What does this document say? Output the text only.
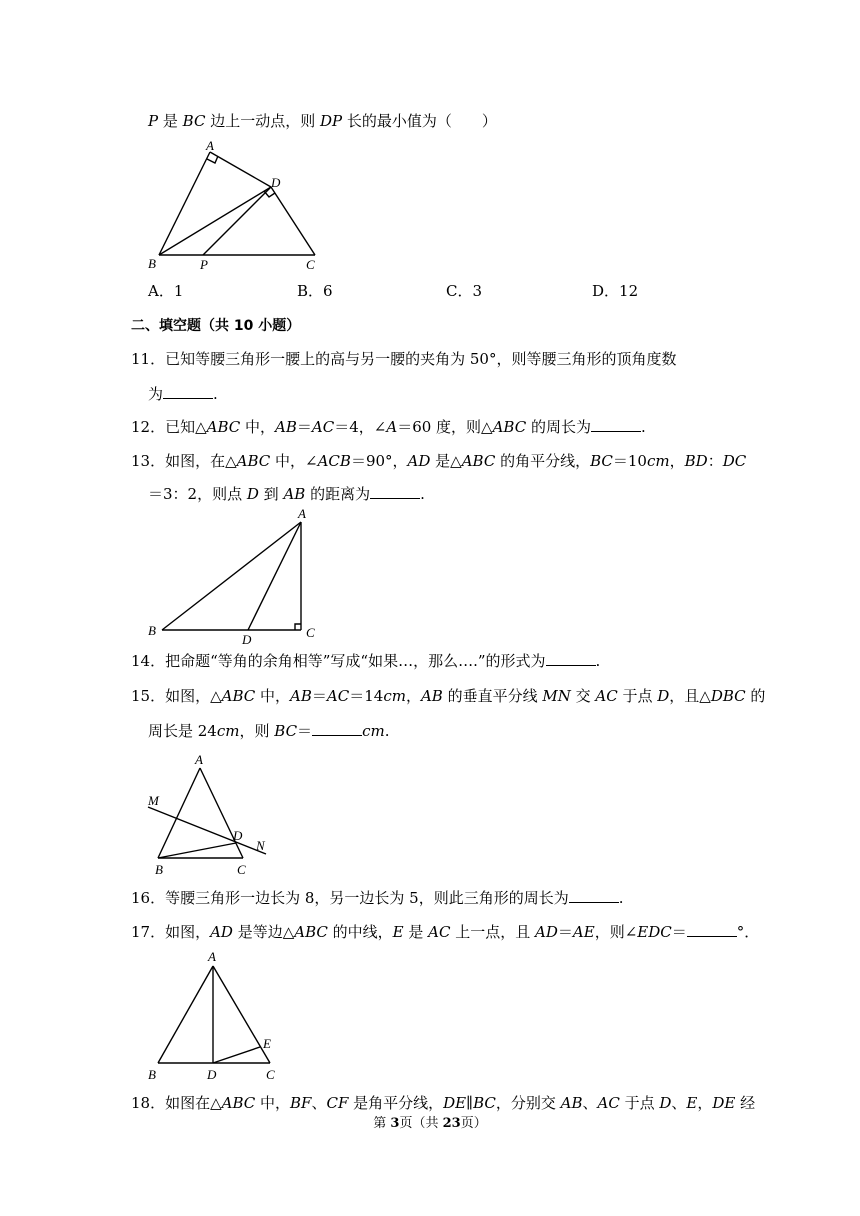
P 是 BC 边上一动点，则 DP 长的最小值为（　　）
A
D
B	P	C
A．1	B．6	C．3	D．12
二、填空题（共 10 小题）
11．已知等腰三角形一腰上的高与另一腰的夹角为 50°，则等腰三角形的顶角度数
为	.
12．已知△ABC 中，AB＝AC＝4，∠A＝60 度，则△ABC 的周长为	.
13．如图，在△ABC 中，∠ACB＝90°，AD 是△ABC 的角平分线，BC＝10cm，BD：DC
＝3：2，则点 D 到 AB 的距离为	.
A
B
D	C
14．把命题“等角的余角相等”写成“如果…，那么….”的形式为	.
15．如图，△ABC 中，AB＝AC＝14cm，AB 的垂直平分线 MN 交 AC 于点 D，且△DBC 的
周长是 24cm，则 BC＝	cm.
A
M
D
N
B	C
16．等腰三角形一边长为 8，另一边长为 5，则此三角形的周长为	.
17．如图，AD 是等边△ABC 的中线，E 是 AC 上一点，且 AD＝AE，则∠EDC＝	°．
A
E
B	D	C
18．如图在△ABC 中，BF、CF 是角平分线，DE∥BC，分别交 AB、AC 于点 D、E，DE 经
第 3页（共 23页）
